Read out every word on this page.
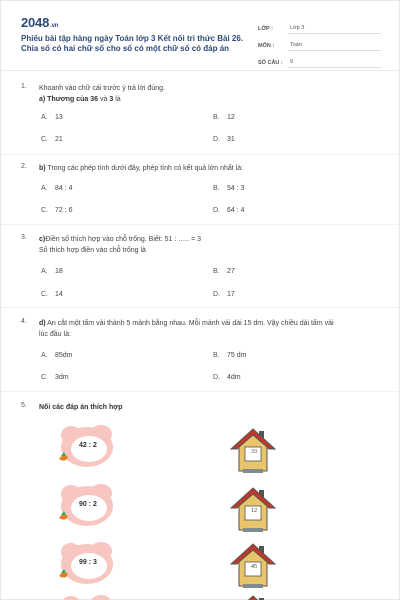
2048.vn
Phiếu bài tập hàng ngày Toán lớp 3 Kết nối tri thức Bài 26. Chia số có hai chữ số cho số có một chữ số có đáp án
LỚP :	Lớp 3
MÔN :	Toán
SỐ CÂU :	9
1. Khoanh vào chữ cái trước ý trả lời đúng.
a) Thương của 36 và 3 là
A. 13	B. 12
C. 21	D. 31
2. b) Trong các phép tính dưới đây, phép tính có kết quả lớn nhất là:
A. 84 : 4	B. 54 : 3
C. 72 : 6	D. 64 : 4
3. c)Điền số thích hợp vào chỗ trống. Biết: 51 : ….. = 3
Số thích hợp điền vào chỗ trống là
A. 18	B. 27
C. 14	D. 17
4. d) An cắt một tấm vải thành 5 mảnh bằng nhau. Mỗi mảnh vải dài 15 dm. Vậy chiều dài tấm vải
lúc đầu là:
A. 85dm	B. 75 dm
C. 3dm	D. 4dm
5. Nối các đáp án thích hợp
42 : 2
90 : 2
99 : 3
33
12
45
